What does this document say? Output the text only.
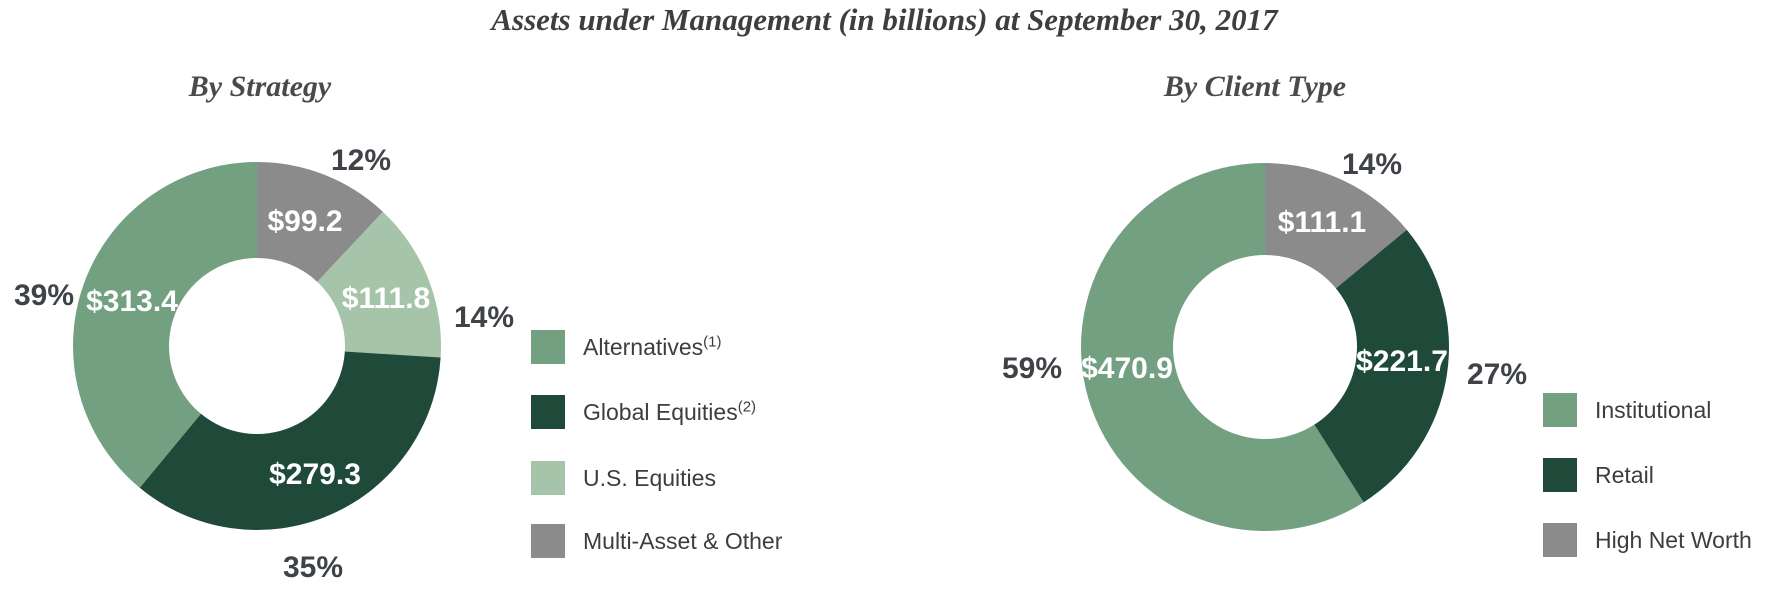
Assets under Management (in billions) at September 30, 2017
By Strategy
39% $313.4
35%
$279.3
14%
$111.8
12%
$99.2
Alternatives$^{(1)}$
Global Equities$^{(2)}$
U.S. Equities
Multi-Asset & Other
By Client Type
59% $470.9	27%
$221.7
14%
$111.1
Institutional
Retail
High Net Worth
